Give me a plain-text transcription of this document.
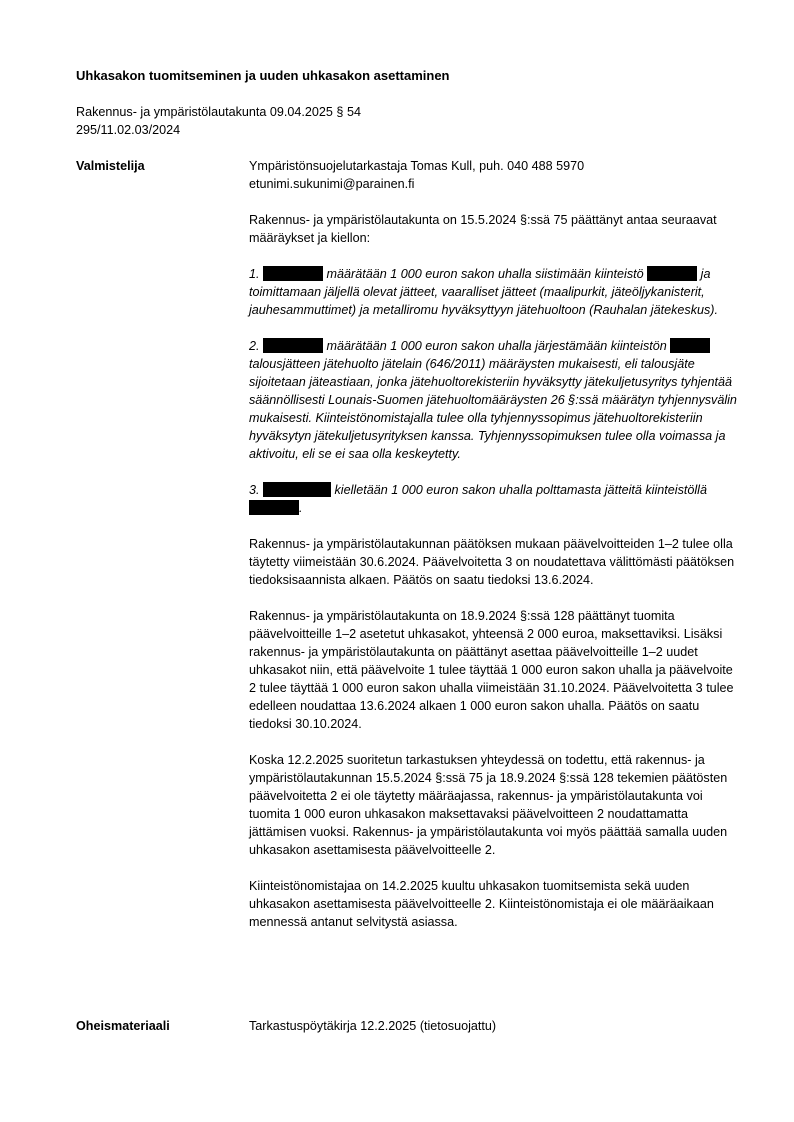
Uhkasakon tuomitseminen ja uuden uhkasakon asettaminen
Rakennus- ja ympäristölautakunta 09.04.2025 § 54
295/11.02.03/2024
Valmistelija	Ympäristönsuojelutarkastaja Tomas Kull, puh. 040 488 5970

etunimi.sukunimi@parainen.fi

Rakennus- ja ympäristölautakunta on 15.5.2024 §:ssä 75 päättänyt antaa seuraavat määräykset ja kiellon:

1.	määrätään 1 000 euron sakon uhalla siistimään kiinteistö	ja toimittamaan jäljellä olevat jätteet, vaaralliset jätteet (maalipurkit, jäteöljykanisterit, jauhesammuttimet) ja metalliromu hyväksyttyyn jätehuoltoon (Rauhalan jätekeskus).

2.	määrätään 1 000 euron sakon uhalla järjestämään kiinteistön  talousjätteen jätehuolto jätelain (646/2011) määräysten mukaisesti, eli talousjäte sijoitetaan jäteastiaan, jonka jätehuoltorekisteriin hyväksytty jätekuljetusyritys tyhjentää säännöllisesti Lounais-Suomen jätehuoltomääräysten 26 §:ssä määrätyn tyhjennysvälin mukaisesti. Kiinteistönomistajalla tulee olla tyhjennyssopimus jätehuoltorekisteriin hyväksytyn jätekuljetusyrityksen kanssa. Tyhjennyssopimuksen tulee olla voimassa ja aktivoitu, eli se ei saa olla keskeytetty.

3.	kielletään 1 000 euron sakon uhalla polttamasta jätteitä kiinteistöllä .

Rakennus- ja ympäristölautakunnan päätöksen mukaan päävelvoitteiden 1–2 tulee olla täytetty viimeistään 30.6.2024. Päävelvoitetta 3 on noudatettava välittömästi päätöksen tiedoksisaannista alkaen. Päätös on saatu tiedoksi 13.6.2024.

Rakennus- ja ympäristölautakunta on 18.9.2024 §:ssä 128 päättänyt tuomita päävelvoitteille 1–2 asetetut uhkasakot, yhteensä 2 000 euroa, maksettaviksi. Lisäksi rakennus- ja ympäristölautakunta on päättänyt asettaa päävelvoitteille 1–2 uudet uhkasakot niin, että päävelvoite 1 tulee täyttää 1 000 euron sakon uhalla ja päävelvoite 2 tulee täyttää 1 000 euron sakon uhalla viimeistään 31.10.2024. Päävelvoitetta 3 tulee edelleen noudattaa 13.6.2024 alkaen 1 000 euron sakon uhalla. Päätös on saatu tiedoksi 30.10.2024.

Koska 12.2.2025 suoritetun tarkastuksen yhteydessä on todettu, että rakennus- ja ympäristölautakunnan 15.5.2024 §:ssä 75 ja 18.9.2024 §:ssä 128 tekemien päätösten päävelvoitetta 2 ei ole täytetty määräajassa, rakennus- ja ympäristölautakunta voi tuomita 1 000 euron uhkasakon maksettavaksi päävelvoitteen 2 noudattamatta jättämisen vuoksi. Rakennus- ja ympäristölautakunta voi myös päättää samalla uuden uhkasakon asettamisesta päävelvoitteelle 2.

Kiinteistönomistajaa on 14.2.2025 kuultu uhkasakon tuomitsemista sekä uuden uhkasakon asettamisesta päävelvoitteelle 2. Kiinteistönomistaja ei ole määräaikaan mennessä antanut selvitystä asiassa.

Oheismateriaali	Tarkastuspöytäkirja 12.2.2025 (tietosuojattu)
